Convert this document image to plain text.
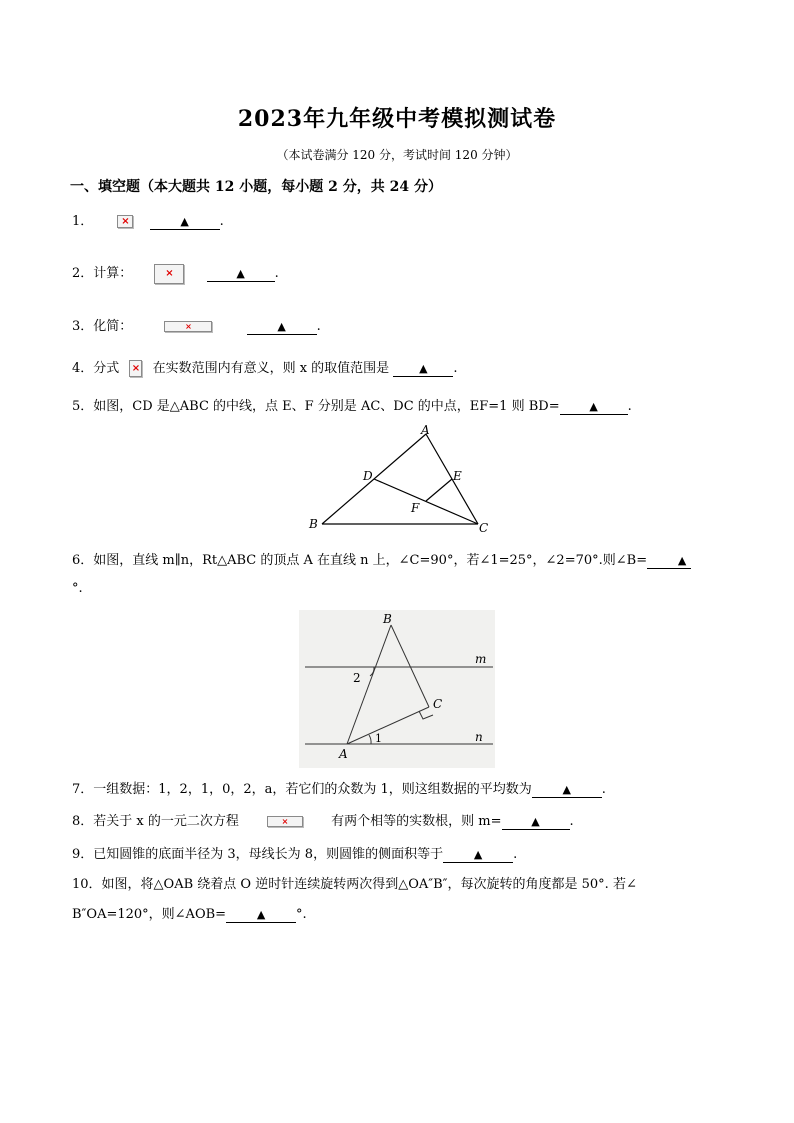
2023年九年级中考模拟测试卷
（本试卷满分 120 分，考试时间 120 分钟）
一、填空题（本大题共 12 小题，每小题 2 分，共 24 分）
1．	×	▲ .
2．计算：	×	▲ .
3．化简：	×	▲ .
4．分式 × 在实数范围内有意义，则 x 的取值范围是	▲ .
5．如图，CD 是△ABC 的中线，点 E、F 分别是 AC、DC 的中点，EF=1 则 BD=	▲ .
A
B	C
D	E
F
6．如图，直线 m∥n，Rt△ABC 的顶点 A 在直线 n 上，∠C=90°，若∠1=25°，∠2=70°.则∠B=	▲
°.
B
C
A
m
n
1
2
7．一组数据：1，2，1，0，2，a，若它们的众数为 1，则这组数据的平均数为	▲ .
8．若关于 x 的一元二次方程	×	有两个相等的实数根，则 m=	▲ .
9．已知圆锥的底面半径为 3，母线长为 8，则圆锥的侧面积等于	▲ .
10．如图，将△OAB 绕着点 O 逆时针连续旋转两次得到△OA″B″，每次旋转的角度都是 50°. 若∠
B″OA=120°，则∠AOB=	▲ °.
